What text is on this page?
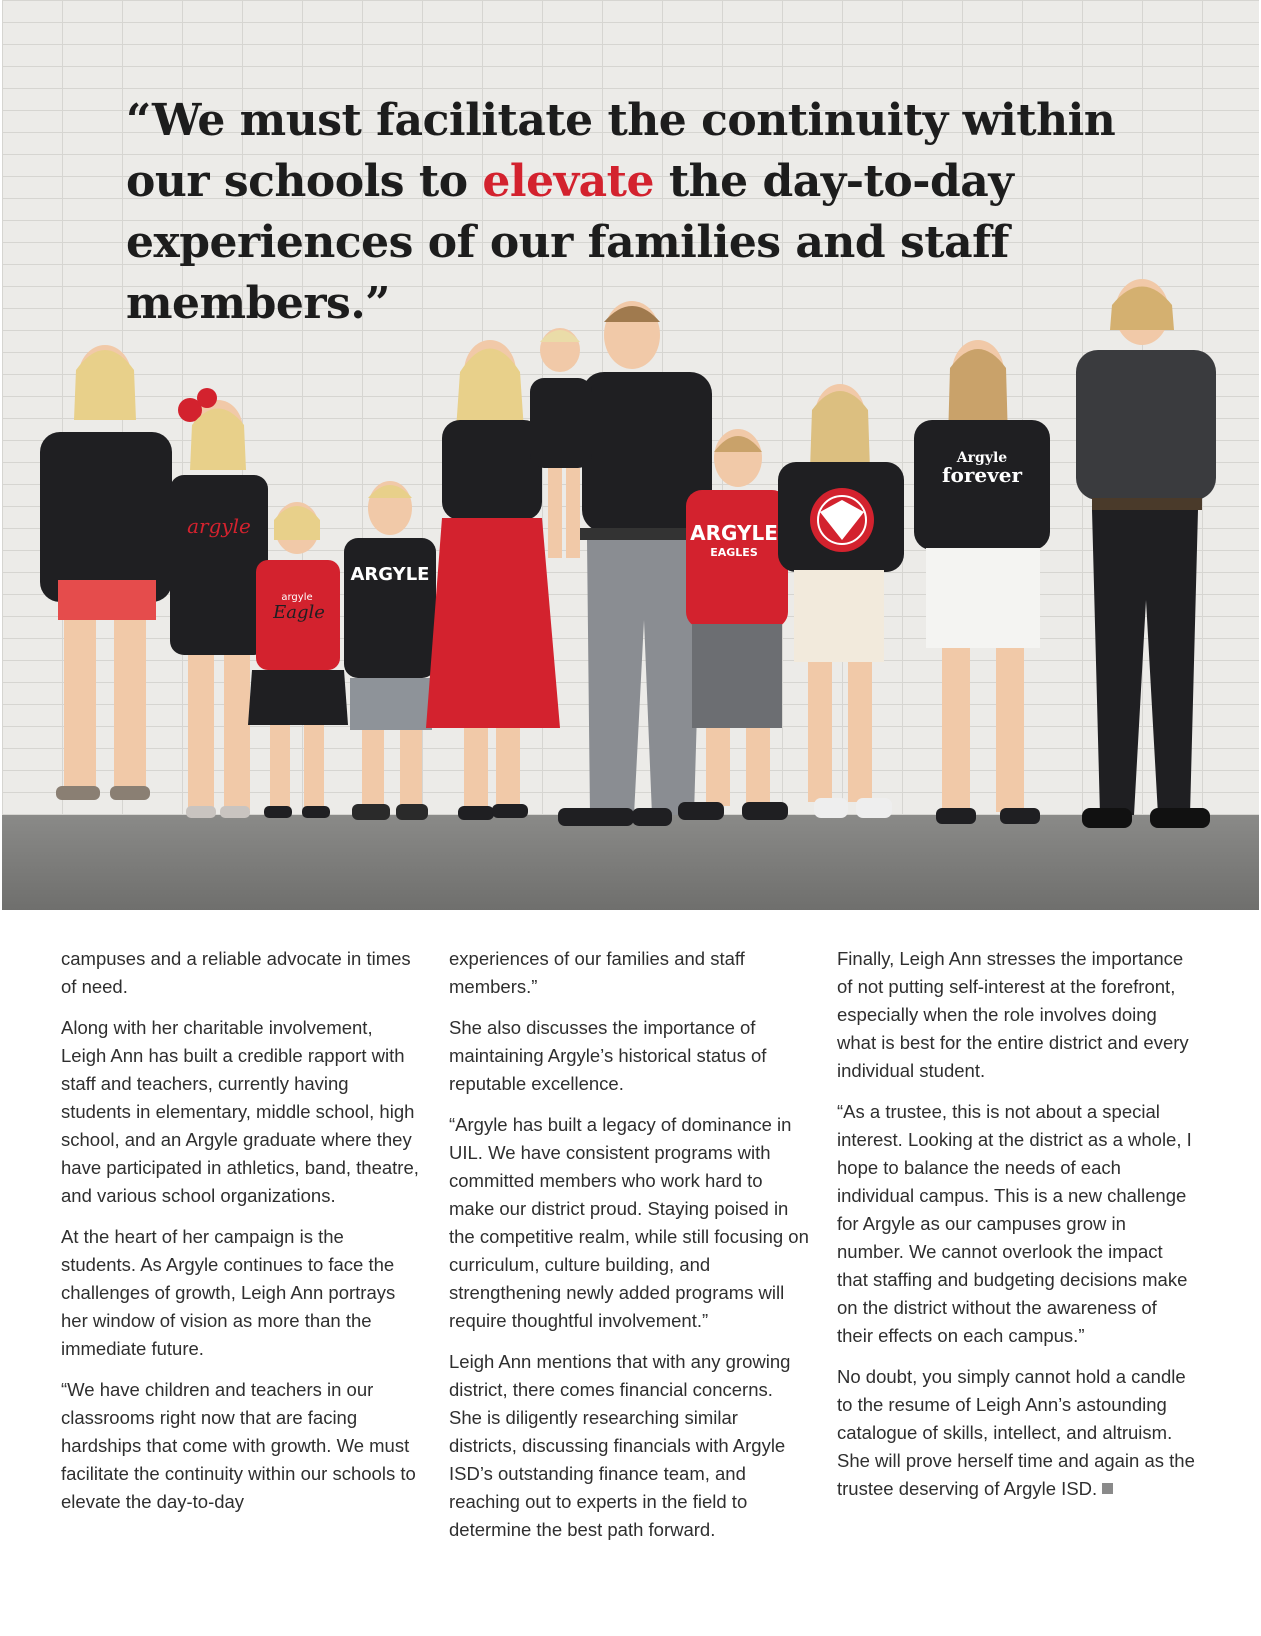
argyle
argyle
Eagle
ARGYLE
ARGYLE
EAGLES
Argyle
forever
“We must facilitate the continuity within our schools to elevate the day-to-day experiences of our families and staff members.”

campuses and a reliable advocate in times of need.

Along with her charitable involvement, Leigh Ann has built a credible rapport with staff and teachers, currently having students in elementary, middle school, high school, and an Argyle graduate where they have participated in athletics, band, theatre, and various school organizations.

At the heart of her campaign is the students. As Argyle continues to face the challenges of growth, Leigh Ann portrays her window of vision as more than the immediate future.

“We have children and teachers in our classrooms right now that are facing hardships that come with growth. We must facilitate the continuity within our schools to elevate the day-to-day

experiences of our families and staff members.”

She also discusses the importance of maintaining Argyle’s historical status of reputable excellence.

“Argyle has built a legacy of dominance in UIL. We have consistent programs with committed members who work hard to make our district proud. Staying poised in the competitive realm, while still focusing on curriculum, culture building, and strengthening newly added programs will require thoughtful involvement.”

Leigh Ann mentions that with any growing district, there comes financial concerns. She is diligently researching similar districts, discussing financials with Argyle ISD’s outstanding finance team, and reaching out to experts in the field to determine the best path forward.

Finally, Leigh Ann stresses the importance of not putting self-interest at the forefront, especially when the role involves doing what is best for the entire district and every individual student.

“As a trustee, this is not about a special interest. Looking at the district as a whole, I hope to balance the needs of each individual campus. This is a new challenge for Argyle as our campuses grow in number. We cannot overlook the impact that staffing and budgeting decisions make on the district without the awareness of their effects on each campus.”

No doubt, you simply cannot hold a candle to the resume of Leigh Ann’s astounding catalogue of skills, intellect, and altruism. She will prove herself time and again as the trustee deserving of Argyle ISD.
